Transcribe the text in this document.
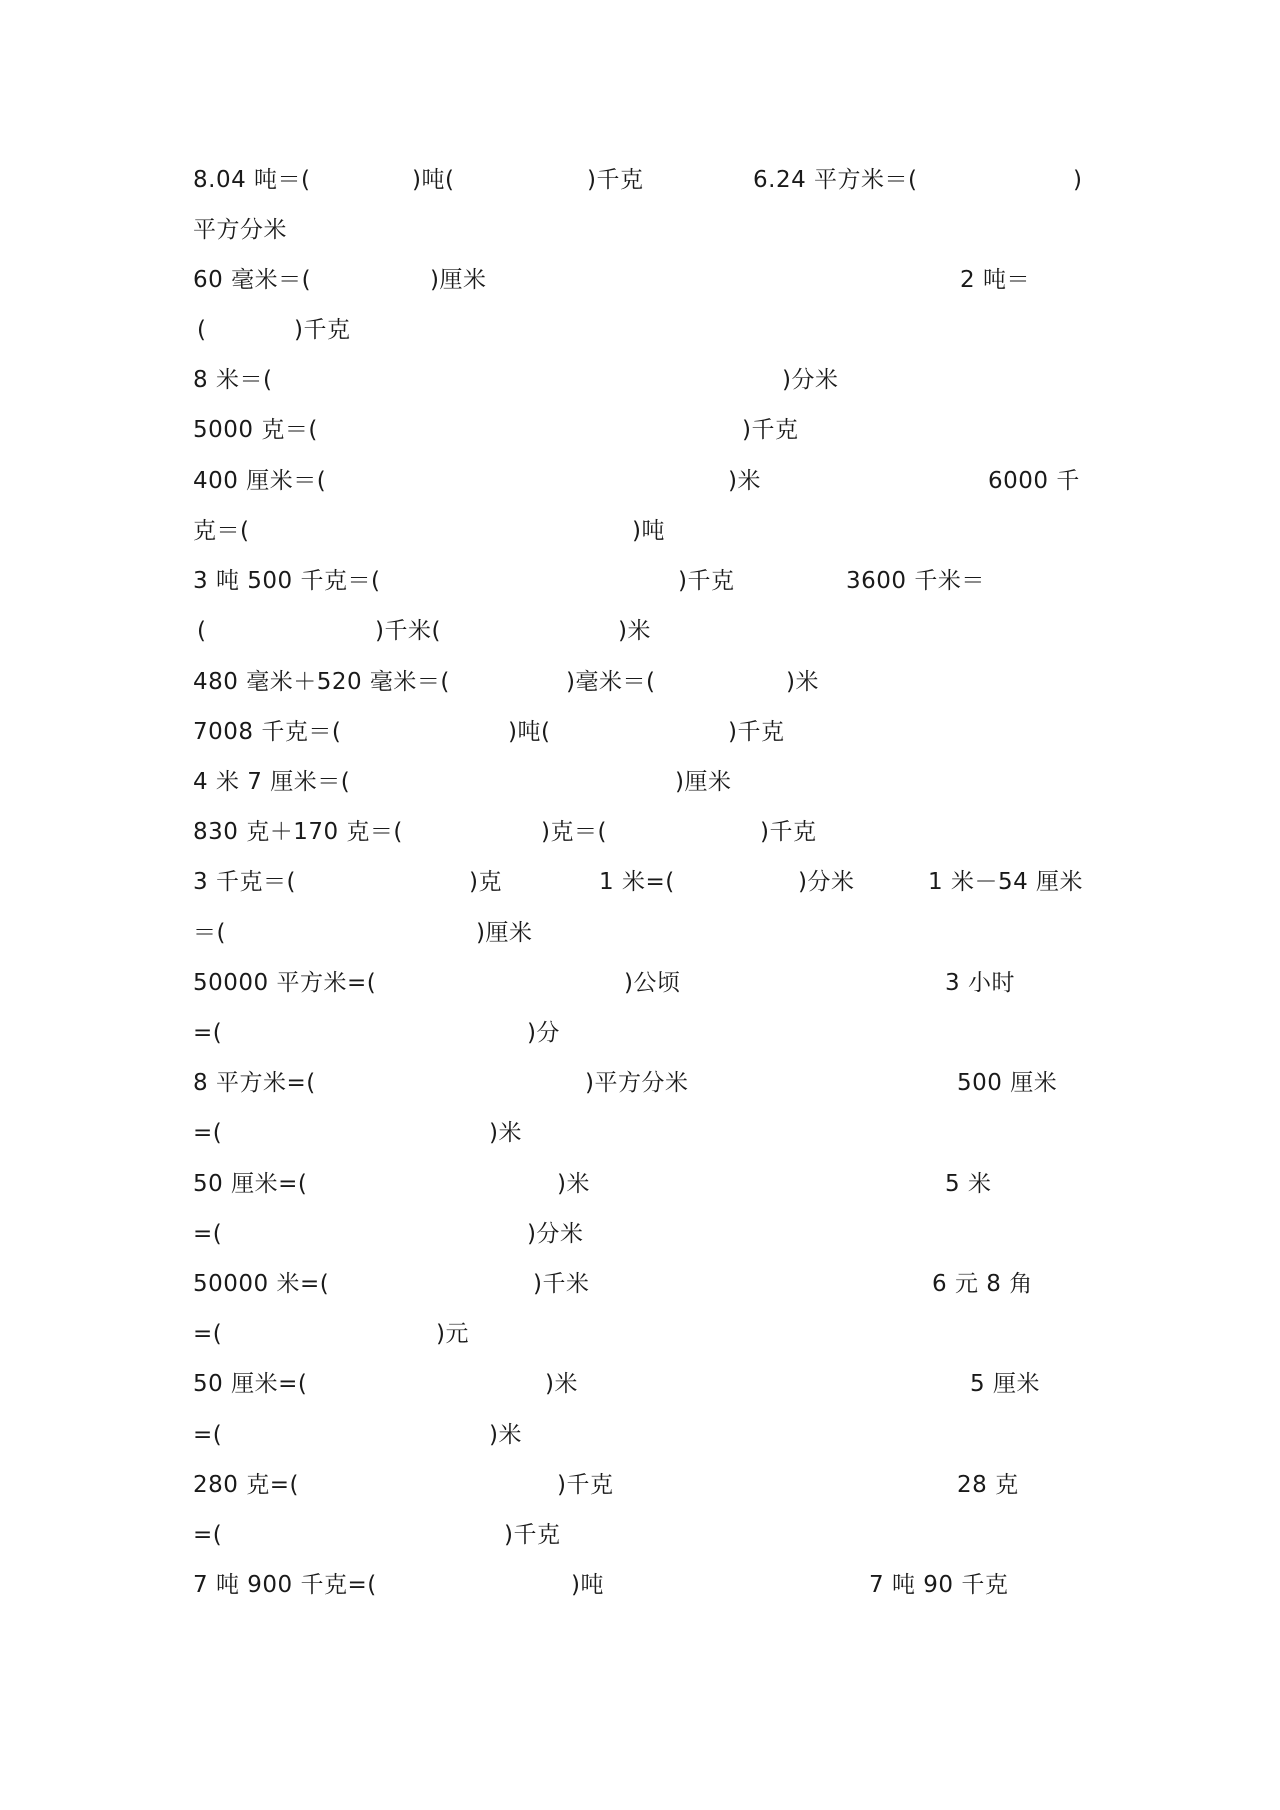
8.04 吨＝(	)吨(	)千克	6.24 平方米＝(	)
平方分米
60 毫米＝(	)厘米	2 吨＝
(	)千克
8 米＝(	)分米
5000 克＝(	)千克
400 厘米＝(	)米	6000 千
克＝(	)吨
3 吨 500 千克＝(	)千克	3600 千米＝
(	)千米(	)米
480 毫米＋520 毫米＝(	)毫米＝(	)米
7008 千克＝(	)吨(	)千克
4 米 7 厘米＝(	)厘米
830 克＋170 克＝(	)克＝(	)千克
3 千克＝(	)克	1 米=(	)分米	1 米－54 厘米
＝(	)厘米
50000 平方米=(	)公顷	3 小时
=(	)分
8 平方米=(	)平方分米	500 厘米
=(	)米
50 厘米=(	)米	5 米
=(	)分米
50000 米=(	)千米	6 元 8 角
=(	)元
50 厘米=(	)米	5 厘米
=(	)米
280 克=(	)千克	28 克
=(	)千克
7 吨 900 千克=(	)吨	7 吨 90 千克
